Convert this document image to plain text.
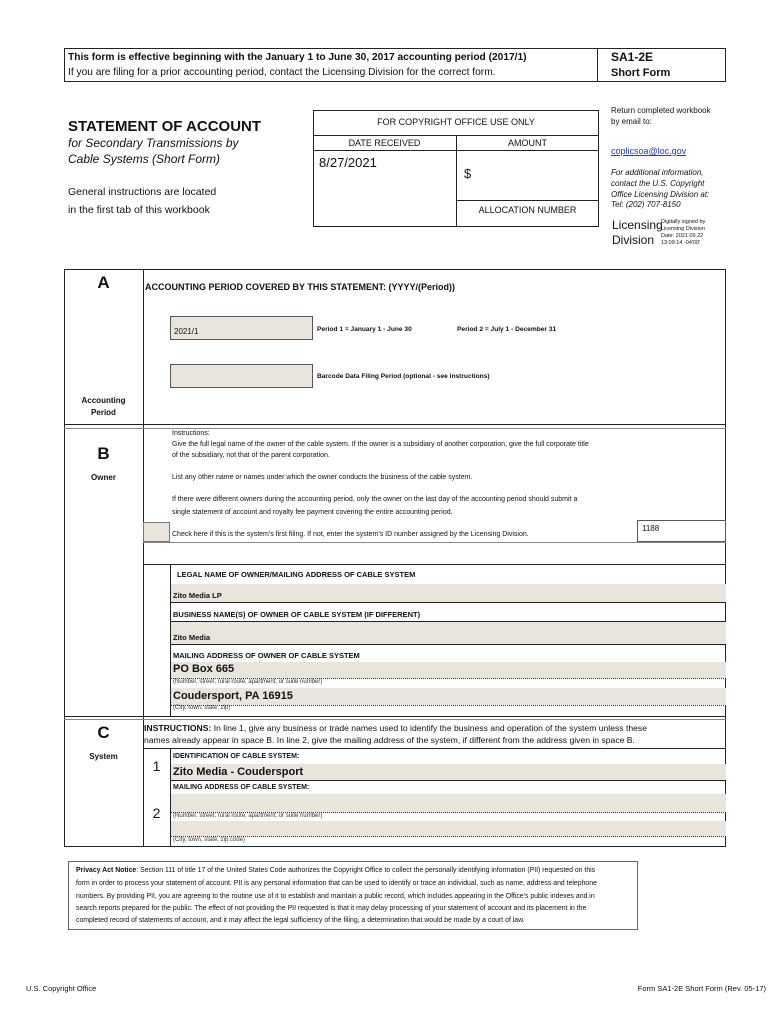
This form is effective beginning with the January 1 to June 30, 2017 accounting period (2017/1)
If you are filing for a prior accounting period, contact the Licensing Division for the correct form.
SA1-2E
Short Form
STATEMENT OF ACCOUNT
for Secondary Transmissions by
Cable Systems (Short Form)
General instructions are located
in the first tab of this workbook
FOR COPYRIGHT OFFICE USE ONLY
DATE RECEIVED	AMOUNT
8/27/2021
$
ALLOCATION NUMBER
Return completed workbook
by email to:
coplicsoa@loc.gov
For additional information,
contact the U.S. Copyright
Office Licensing Division at:
Tel: (202) 707-8150
Licensing
Division
Digitally signed by
Licensing Division
Date: 2021.09.22
13:09:14 -04'00'
A
Accounting
Period
ACCOUNTING PERIOD COVERED BY THIS STATEMENT: (YYYY/(Period))
2021/1	Period 1 = January 1 - June 30	Period 2 = July 1 - December 31
Barcode Data Filing Period (optional - see instructions)
B
Owner
Instructions:
Give the full legal name of the owner of the cable system. If the owner is a subsidiary of another corporation, give the full corporate title
of the subsidiary, not that of the parent corporation.
List any other name or names under which the owner conducts the business of the cable system.
If there were different owners during the accounting period, only the owner on the last day of the accounting period should submit a
single statement of account and royalty fee payment covering the entire accounting period.
Check here if this is the system's first filing. If not, enter the system's ID number assigned by the Licensing Division.
1188
LEGAL NAME OF OWNER/MAILING ADDRESS OF CABLE SYSTEM
Zito Media LP
BUSINESS NAME(S) OF OWNER OF CABLE SYSTEM (IF DIFFERENT)
Zito Media
MAILING ADDRESS OF OWNER OF CABLE SYSTEM
PO Box 665
(Number, street, rural route, apartment, or suite number)
Coudersport, PA 16915
(City, town, state, zip)
C
System
INSTRUCTIONS: In line 1, give any business or trade names used to identify the business and operation of the system unless these
names already appear in space B. In line 2, give the mailing address of the system, if different from the address given in space B.
1
IDENTIFICATION OF CABLE SYSTEM:
Zito Media - Coudersport
MAILING ADDRESS OF CABLE SYSTEM:
2	(Number, street, rural route, apartment, or suite number)
(City, town, state, zip code)
Privacy Act Notice: Section 111 of title 17 of the United States Code authorizes the Copyright Office to collect the personally identifying information (PII) requested on this
form in order to process your statement of account. PII is any personal information that can be used to identify or trace an individual, such as name, address and telephone
numbers. By providing PII, you are agreeing to the routine use of it to establish and maintain a public record, which includes appearing in the Office's public indexes and in
search reports prepared for the public. The effect of not providing the PII requested is that it may delay processing of your statement of account and its placement in the
completed record of statements of account, and it may affect the legal sufficiency of the filing, a determination that would be made by a court of law.
U.S. Copyright Office	Form SA1-2E Short Form (Rev. 05-17)
